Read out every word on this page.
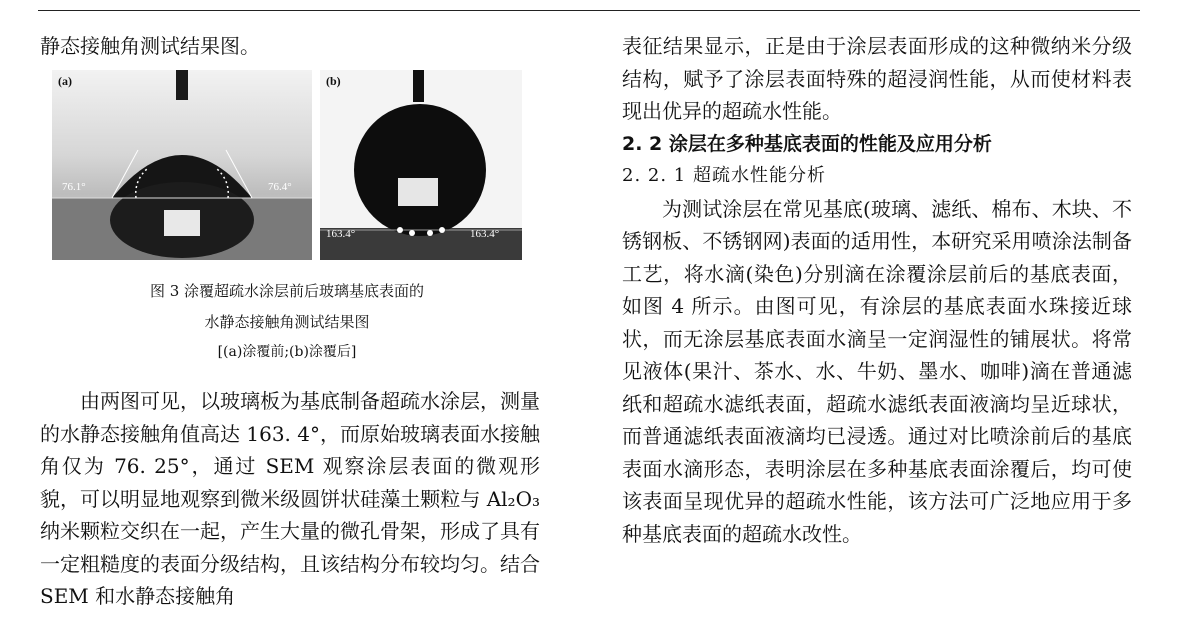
静态接触角测试结果图。

(a)
76.1°	76.4°
(b)
163.4°	163.4°
图 3 涂覆超疏水涂层前后玻璃基底表面的
水静态接触角测试结果图
[(a)涂覆前;(b)涂覆后]

由两图可见，以玻璃板为基底制备超疏水涂层，测量的水静态接触角值高达 163. 4°，而原始玻璃表面水接触角仅为 76. 25°，通过 SEM 观察涂层表面的微观形貌，可以明显地观察到微米级圆饼状硅藻土颗粒与 Al₂O₃ 纳米颗粒交织在一起，产生大量的微孔骨架，形成了具有一定粗糙度的表面分级结构，且该结构分布较均匀。结合 SEM 和水静态接触角

表征结果显示，正是由于涂层表面形成的这种微纳米分级结构，赋予了涂层表面特殊的超浸润性能，从而使材料表现出优异的超疏水性能。

2. 2 涂层在多种基底表面的性能及应用分析

2. 2. 1 超疏水性能分析

为测试涂层在常见基底(玻璃、滤纸、棉布、木块、不锈钢板、不锈钢网)表面的适用性，本研究采用喷涂法制备工艺，将水滴(染色)分别滴在涂覆涂层前后的基底表面，如图 4 所示。由图可见，有涂层的基底表面水珠接近球状，而无涂层基底表面水滴呈一定润湿性的铺展状。将常见液体(果汁、茶水、水、牛奶、墨水、咖啡)滴在普通滤纸和超疏水滤纸表面，超疏水滤纸表面液滴均呈近球状，而普通滤纸表面液滴均已浸透。通过对比喷涂前后的基底表面水滴形态，表明涂层在多种基底表面涂覆后，均可使该表面呈现优异的超疏水性能，该方法可广泛地应用于多种基底表面的超疏水改性。
